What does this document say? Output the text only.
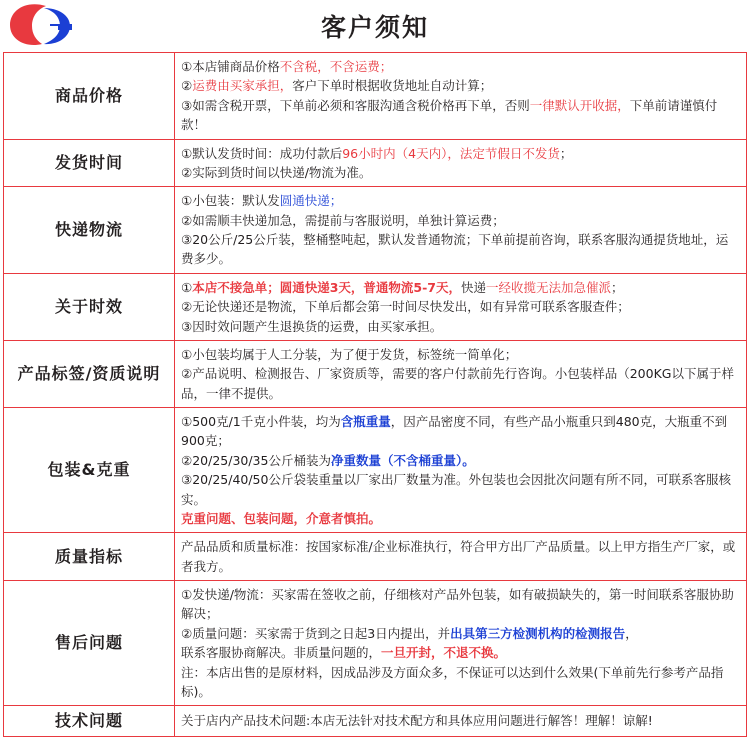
客户须知
商品价格	①本店铺商品价格不含税，不含运费；

②运费由买家承担，客户下单时根据收货地址自动计算；

③如需含税开票，下单前必须和客服沟通含税价格再下单，否则一律默认开收据，下单前请谨慎付款！

发货时间	①默认发货时间：成功付款后96小时内（4天内），法定节假日不发货；

②实际到货时间以快递/物流为准。

快递物流	①小包装：默认发圆通快递；

②如需顺丰快递加急，需提前与客服说明，单独计算运费；

③20公斤/25公斤装，整桶整吨起，默认发普通物流；下单前提前咨询，联系客服沟通提货地址，运费多少。

关于时效	①本店不接急单；圆通快递3天，普通物流5-7天，快递一经收揽无法加急催派；

②无论快递还是物流，下单后都会第一时间尽快发出，如有异常可联系客服查件；

③因时效问题产生退换货的运费，由买家承担。

产品标签/资质说明	①小包装均属于人工分装，为了便于发货，标签统一简单化；

②产品说明、检测报告、厂家资质等，需要的客户付款前先行咨询。小包装样品（200KG以下属于样品，一律不提供。

包装&克重	①500克/1千克小件装，均为含瓶重量，因产品密度不同，有些产品小瓶重只到480克，大瓶重不到900克；

②20/25/30/35公斤桶装为净重数量（不含桶重量）。

③20/25/40/50公斤袋装重量以厂家出厂数量为准。外包装也会因批次问题有所不同，可联系客服核实。

克重问题、包装问题，介意者慎拍。

质量指标	产品品质和质量标准：按国家标准/企业标准执行，符合甲方出厂产品质量。以上甲方指生产厂家，或者我方。

售后问题	①发快递/物流：买家需在签收之前，仔细核对产品外包装，如有破损缺失的，第一时间联系客服协助解决；

②质量问题：买家需于货到之日起3日内提出，并出具第三方检测机构的检测报告，

联系客服协商解决。非质量问题的，一旦开封，不退不换。

注：本店出售的是原材料，因成品涉及方面众多，不保证可以达到什么效果(下单前先行参考产品指标)。

技术问题	关于店内产品技术问题:本店无法针对技术配方和具体应用问题进行解答！理解！谅解!
